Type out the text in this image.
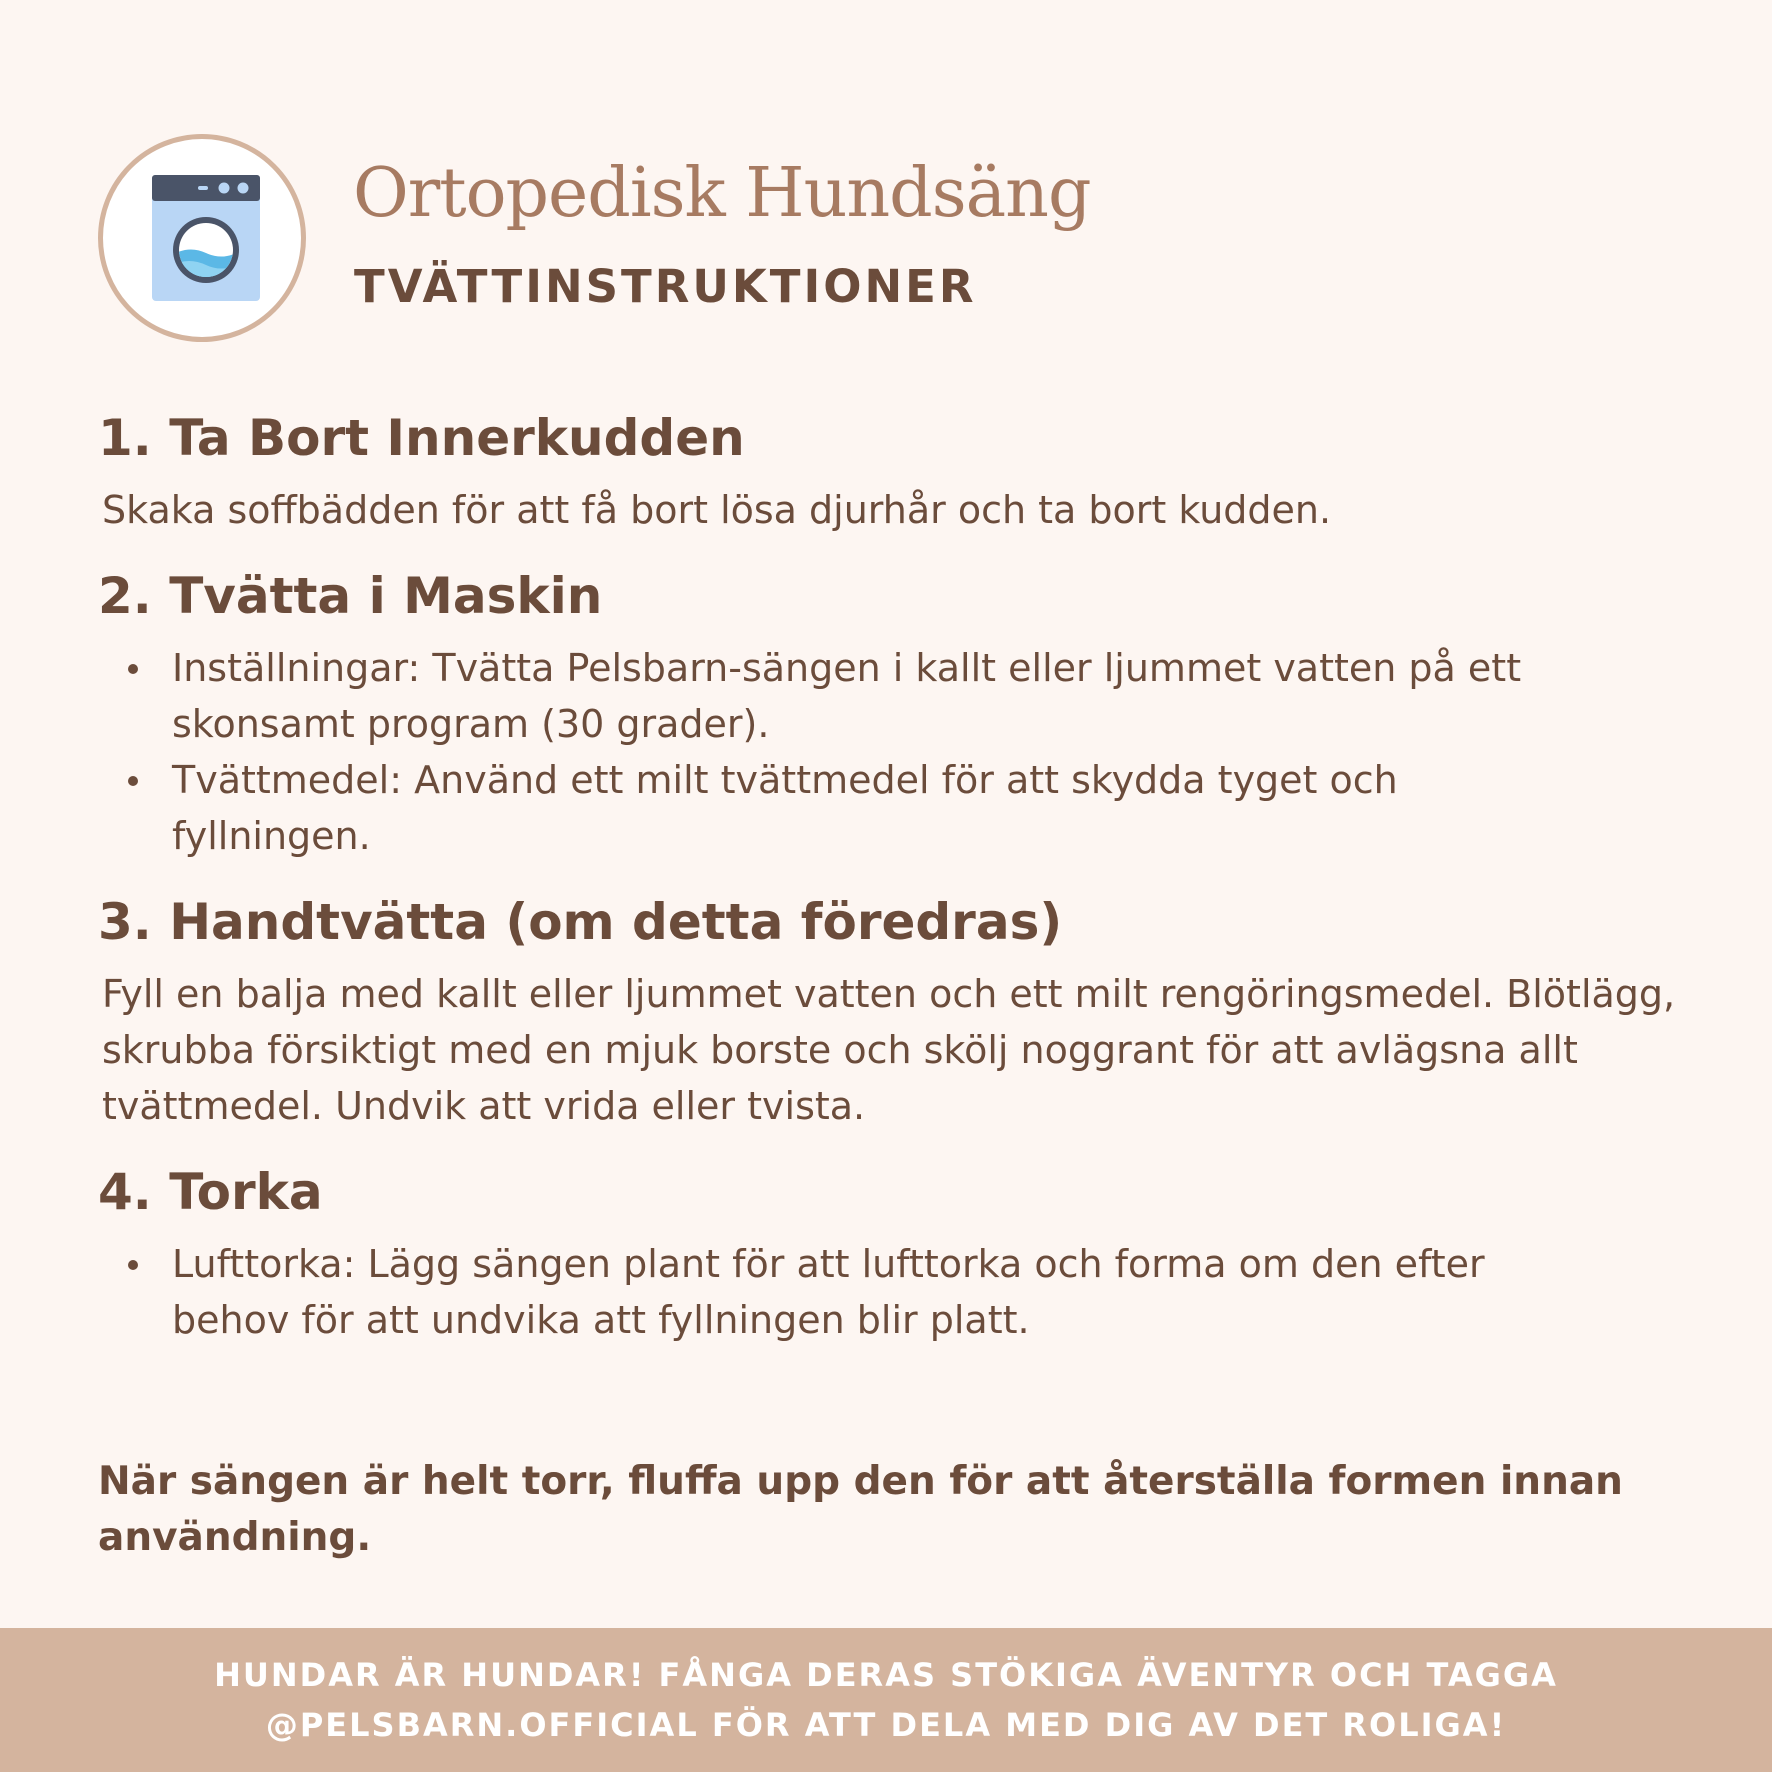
Ortopedisk Hundsäng
TVÄTTINSTRUKTIONER
1. Ta Bort Innerkudden

Skaka soffbädden för att få bort lösa djurhår och ta bort kudden.

2. Tvätta i Maskin
Inställningar: Tvätta Pelsbarn-sängen i kallt eller ljummet vatten på ett skonsamt program (30 grader).
Tvättmedel: Använd ett milt tvättmedel för att skydda tyget och fyllningen.
3. Handtvätta (om detta föredras)

Fyll en balja med kallt eller ljummet vatten och ett milt rengöringsmedel. Blötlägg, skrubba försiktigt med en mjuk borste och skölj noggrant för att avlägsna allt tvättmedel. Undvik att vrida eller tvista.

4. Torka
Lufttorka: Lägg sängen plant för att lufttorka och forma om den efter behov för att undvika att fyllningen blir platt.
När sängen är helt torr, fluffa upp den för att återställa formen innan användning.
HUNDAR ÄR HUNDAR! FÅNGA DERAS STÖKIGA ÄVENTYR OCH TAGGA
@PELSBARN.OFFICIAL FÖR ATT DELA MED DIG AV DET ROLIGA!
